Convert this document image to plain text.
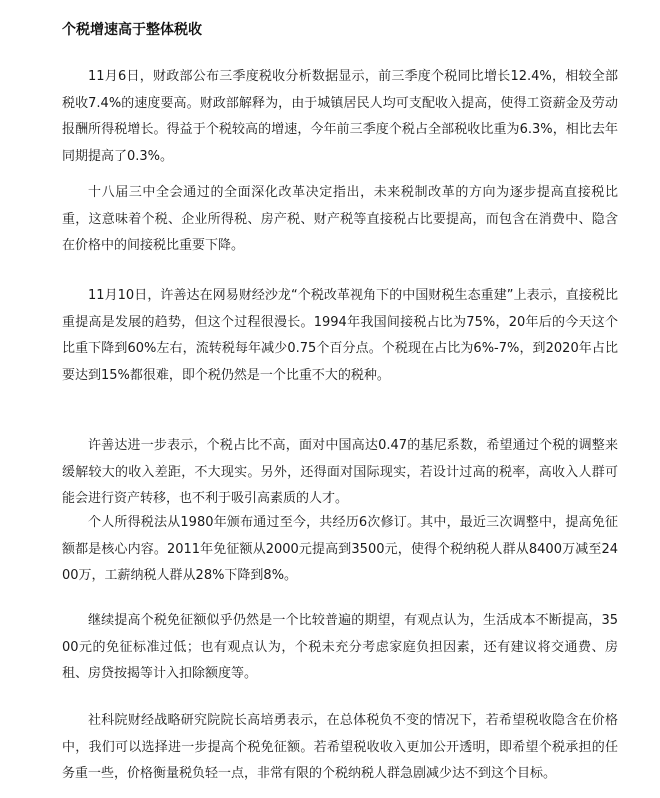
个税增速高于整体税收

11月6日，财政部公布三季度税收分析数据显示，前三季度个税同比增长12.4%，相较全部税收7.4%的速度要高。财政部解释为，由于城镇居民人均可支配收入提高，使得工资薪金及劳动报酬所得税增长。得益于个税较高的增速，今年前三季度个税占全部税收比重为6.3%，相比去年同期提高了0.3%。

十八届三中全会通过的全面深化改革决定指出，未来税制改革的方向为逐步提高直接税比重，这意味着个税、企业所得税、房产税、财产税等直接税占比要提高，而包含在消费中、隐含在价格中的间接税比重要下降。

11月10日，许善达在网易财经沙龙“个税改革视角下的中国财税生态重建”上表示，直接税比重提高是发展的趋势，但这个过程很漫长。1994年我国间接税占比为75%，20年后的今天这个比重下降到60%左右，流转税每年减少0.75个百分点。个税现在占比为6%-7%，到2020年占比要达到15%都很难，即个税仍然是一个比重不大的税种。

许善达进一步表示，个税占比不高，面对中国高达0.47的基尼系数，希望通过个税的调整来缓解较大的收入差距，不大现实。另外，还得面对国际现实，若设计过高的税率，高收入人群可能会进行资产转移，也不利于吸引高素质的人才。

个人所得税法从1980年颁布通过至今，共经历6次修订。其中，最近三次调整中，提高免征额都是核心内容。2011年免征额从2000元提高到3500元，使得个税纳税人群从8400万减至2400万，工薪纳税人群从28%下降到8%。

继续提高个税免征额似乎仍然是一个比较普遍的期望，有观点认为，生活成本不断提高，3500元的免征标准过低；也有观点认为，个税未充分考虑家庭负担因素，还有建议将交通费、房租、房贷按揭等计入扣除额度等。

社科院财经战略研究院院长高培勇表示，在总体税负不变的情况下，若希望税收隐含在价格中，我们可以选择进一步提高个税免征额。若希望税收收入更加公开透明，即希望个税承担的任务重一些，价格衡量税负轻一点，非常有限的个税纳税人群急剧减少达不到这个目标。
